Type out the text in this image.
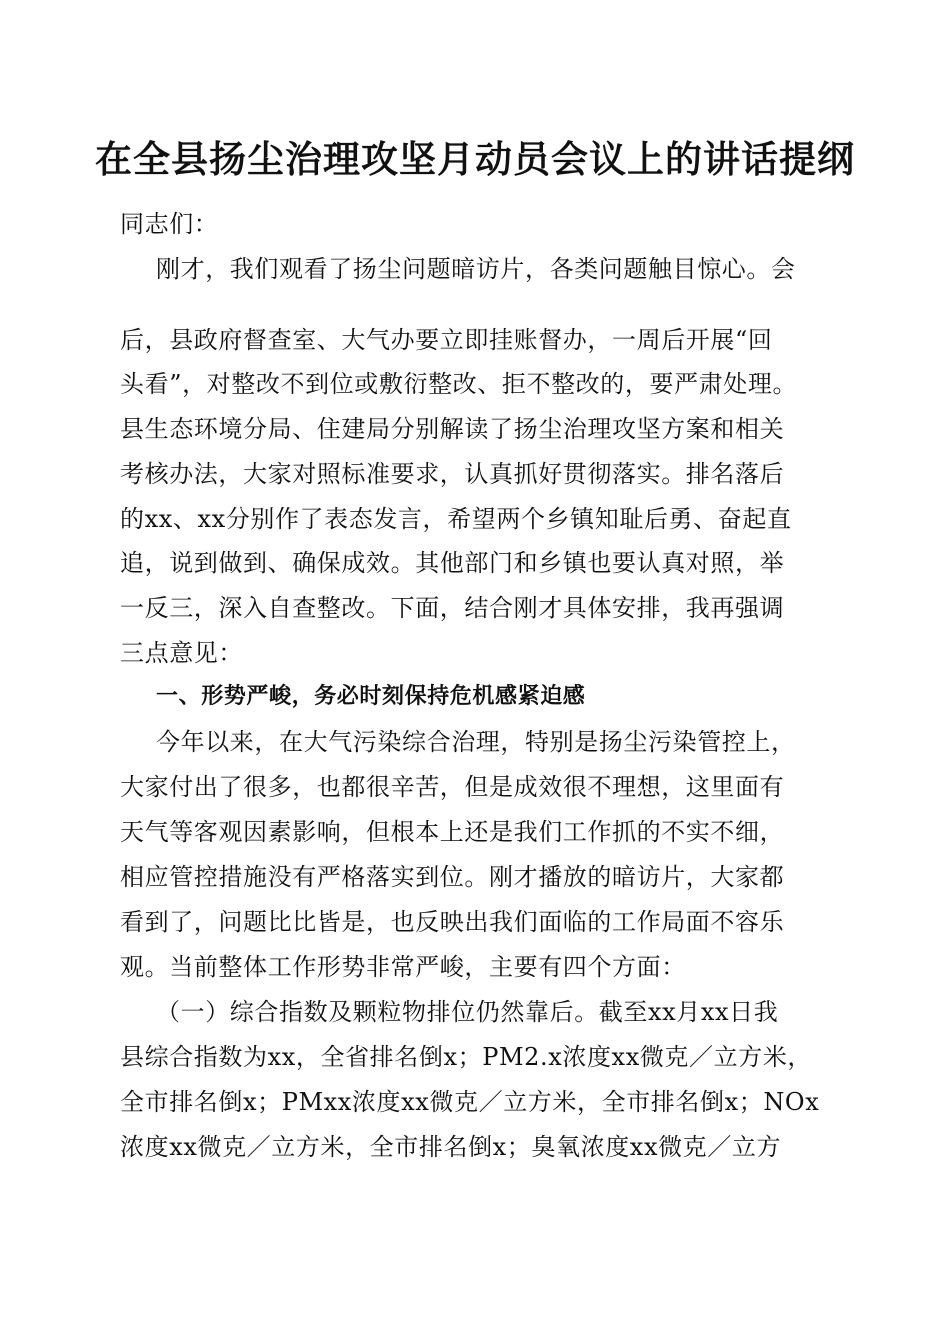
在全县扬尘治理攻坚月动员会议上的讲话提纲
同志们：
刚才，我们观看了扬尘问题暗访片，各类问题触目惊心。会
后，县政府督查室、大气办要立即挂账督办，一周后开展“回
头看”，对整改不到位或敷衍整改、拒不整改的，要严肃处理。
县生态环境分局、住建局分别解读了扬尘治理攻坚方案和相关
考核办法，大家对照标准要求，认真抓好贯彻落实。排名落后
的xx、xx分别作了表态发言，希望两个乡镇知耻后勇、奋起直
追，说到做到、确保成效。其他部门和乡镇也要认真对照，举
一反三，深入自查整改。下面，结合刚才具体安排，我再强调
三点意见：
一、形势严峻，务必时刻保持危机感紧迫感
今年以来，在大气污染综合治理，特别是扬尘污染管控上，
大家付出了很多，也都很辛苦，但是成效很不理想，这里面有
天气等客观因素影响，但根本上还是我们工作抓的不实不细，
相应管控措施没有严格落实到位。刚才播放的暗访片，大家都
看到了，问题比比皆是，也反映出我们面临的工作局面不容乐
观。当前整体工作形势非常严峻，主要有四个方面：
（一）综合指数及颗粒物排位仍然靠后。截至xx月xx日我
县综合指数为xx，全省排名倒x；PM2.x浓度xx微克／立方米，
全市排名倒x；PMxx浓度xx微克／立方米，全市排名倒x；NOx
浓度xx微克／立方米，全市排名倒x；臭氧浓度xx微克／立方
